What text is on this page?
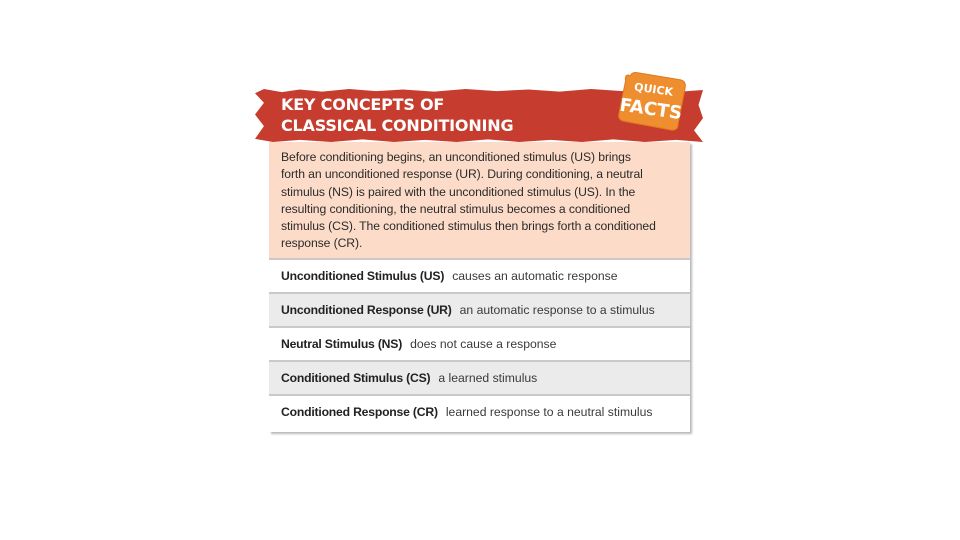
KEY CONCEPTS OF
CLASSICAL CONDITIONING
QUICK
FACTS
Before conditioning begins, an unconditioned stimulus (US) brings
forth an unconditioned response (UR). During conditioning, a neutral
stimulus (NS) is paired with the unconditioned stimulus (US). In the
resulting conditioning, the neutral stimulus becomes a conditioned
stimulus (CS). The conditioned stimulus then brings forth a conditioned
response (CR).
Unconditioned Stimulus (US) causes an automatic response
Unconditioned Response (UR) an automatic response to a stimulus
Neutral Stimulus (NS) does not cause a response
Conditioned Stimulus (CS) a learned stimulus
Conditioned Response (CR) learned response to a neutral stimulus
